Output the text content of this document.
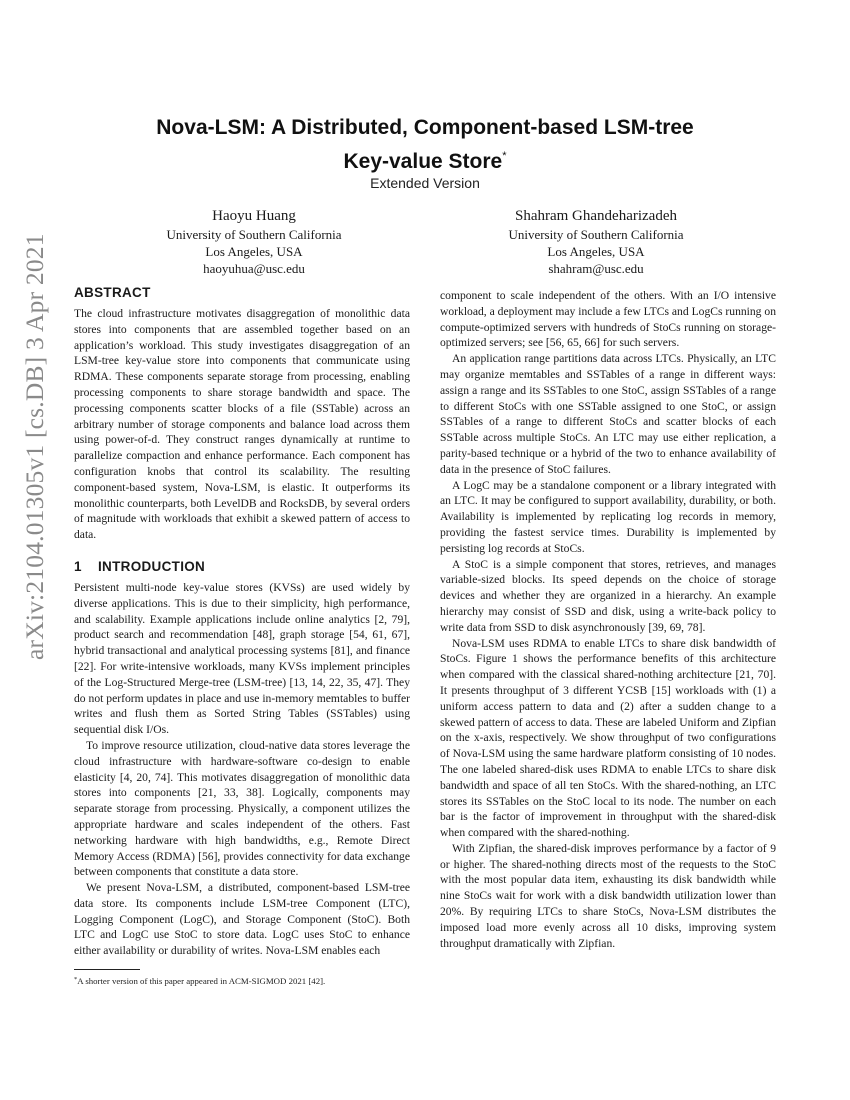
arXiv:2104.01305v1 [cs.DB] 3 Apr 2021
Nova-LSM: A Distributed, Component-based LSM-tree
Key-value Store*
Extended Version
Haoyu Huang
University of Southern California
Los Angeles, USA
haoyuhua@usc.edu
Shahram Ghandeharizadeh
University of Southern California
Los Angeles, USA
shahram@usc.edu
ABSTRACT

The cloud infrastructure motivates disaggregation of monolithic data stores into components that are assembled together based on an application’s workload. This study investigates disaggregation of an LSM-tree key-value store into components that communicate using RDMA. These components separate storage from processing, enabling processing components to share storage bandwidth and space. The processing components scatter blocks of a file (SSTable) across an arbitrary number of storage components and balance load across them using power-of-d. They construct ranges dynamically at runtime to parallelize compaction and enhance performance. Each component has configuration knobs that control its scalability. The resulting component-based system, Nova-LSM, is elastic. It outperforms its monolithic counterparts, both LevelDB and RocksDB, by several orders of magnitude with workloads that exhibit a skewed pattern of access to data.

1 INTRODUCTION

Persistent multi-node key-value stores (KVSs) are used widely by diverse applications. This is due to their simplicity, high performance, and scalability. Example applications include online analytics [2, 79], product search and recommendation [48], graph storage [54, 61, 67], hybrid transactional and analytical processing systems [81], and finance [22]. For write-intensive workloads, many KVSs implement principles of the Log-Structured Merge-tree (LSM-tree) [13, 14, 22, 35, 47]. They do not perform updates in place and use in-memory memtables to buffer writes and flush them as Sorted String Tables (SSTables) using sequential disk I/Os.

To improve resource utilization, cloud-native data stores leverage the cloud infrastructure with hardware-software co-design to enable elasticity [4, 20, 74]. This motivates disaggregation of monolithic data stores into components [21, 33, 38]. Logically, components may separate storage from processing. Physically, a component utilizes the appropriate hardware and scales independent of the others. Fast networking hardware with high bandwidths, e.g., Remote Direct Memory Access (RDMA) [56], provides connectivity for data exchange between components that constitute a data store.

We present Nova-LSM, a distributed, component-based LSM-tree data store. Its components include LSM-tree Component (LTC), Logging Component (LogC), and Storage Component (StoC). Both LTC and LogC use StoC to store data. LogC uses StoC to enhance either availability or durability of writes. Nova-LSM enables each

component to scale independent of the others. With an I/O intensive workload, a deployment may include a few LTCs and LogCs running on compute-optimized servers with hundreds of StoCs running on storage-optimized servers; see [56, 65, 66] for such servers.

An application range partitions data across LTCs. Physically, an LTC may organize memtables and SSTables of a range in different ways: assign a range and its SSTables to one StoC, assign SSTables of a range to different StoCs with one SSTable assigned to one StoC, or assign SSTables of a range to different StoCs and scatter blocks of each SSTable across multiple StoCs. An LTC may use either replication, a parity-based technique or a hybrid of the two to enhance availability of data in the presence of StoC failures.

A LogC may be a standalone component or a library integrated with an LTC. It may be configured to support availability, durability, or both. Availability is implemented by replicating log records in memory, providing the fastest service times. Durability is implemented by persisting log records at StoCs.

A StoC is a simple component that stores, retrieves, and manages variable-sized blocks. Its speed depends on the choice of storage devices and whether they are organized in a hierarchy. An example hierarchy may consist of SSD and disk, using a write-back policy to write data from SSD to disk asynchronously [39, 69, 78].

Nova-LSM uses RDMA to enable LTCs to share disk bandwidth of StoCs. Figure 1 shows the performance benefits of this architecture when compared with the classical shared-nothing architecture [21, 70]. It presents throughput of 3 different YCSB [15] workloads with (1) a uniform access pattern to data and (2) after a sudden change to a skewed pattern of access to data. These are labeled Uniform and Zipfian on the x-axis, respectively. We show throughput of two configurations of Nova-LSM using the same hardware platform consisting of 10 nodes. The one labeled shared-disk uses RDMA to enable LTCs to share disk bandwidth and space of all ten StoCs. With the shared-nothing, an LTC stores its SSTables on the StoC local to its node. The number on each bar is the factor of improvement in throughput with the shared-disk when compared with the shared-nothing.

With Zipfian, the shared-disk improves performance by a factor of 9 or higher. The shared-nothing directs most of the requests to the StoC with the most popular data item, exhausting its disk bandwidth while nine StoCs wait for work with a disk bandwidth utilization lower than 20%. By requiring LTCs to share StoCs, Nova-LSM distributes the imposed load more evenly across all 10 disks, improving system throughput dramatically with Zipfian.

*A shorter version of this paper appeared in ACM-SIGMOD 2021 [42].
